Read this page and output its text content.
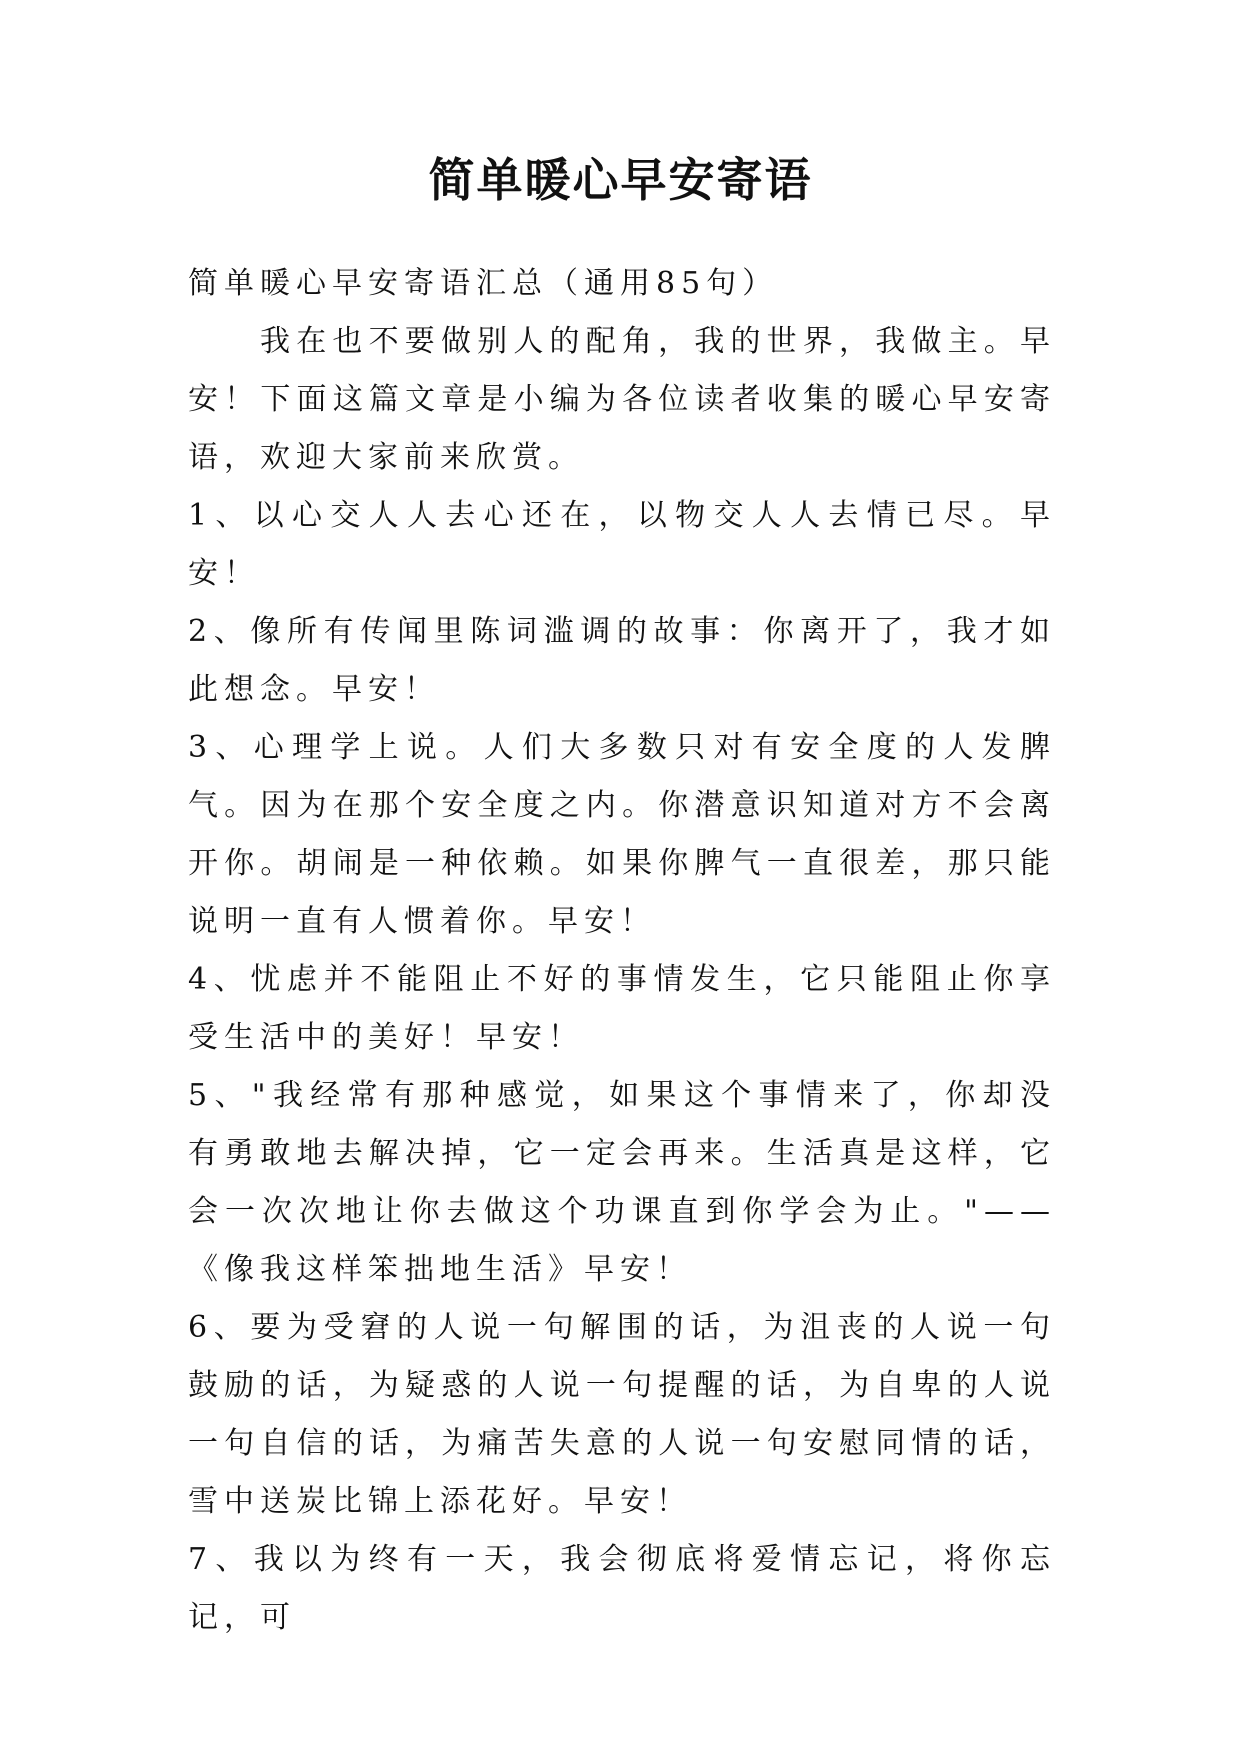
简单暖心早安寄语

简单暖心早安寄语汇总（通用85句）

我在也不要做别人的配角，我的世界，我做主。早安！下面这篇文章是小编为各位读者收集的暖心早安寄语，欢迎大家前来欣赏。

1、以心交人人去心还在，以物交人人去情已尽。早安！

2、像所有传闻里陈词滥调的故事：你离开了，我才如此想念。早安！

3、心理学上说。人们大多数只对有安全度的人发脾气。因为在那个安全度之内。你潜意识知道对方不会离开你。胡闹是一种依赖。如果你脾气一直很差，那只能说明一直有人惯着你。早安！

4、忧虑并不能阻止不好的事情发生，它只能阻止你享受生活中的美好！早安！

5、"我经常有那种感觉，如果这个事情来了，你却没有勇敢地去解决掉，它一定会再来。生活真是这样，它会一次次地让你去做这个功课直到你学会为止。"——《像我这样笨拙地生活》早安！

6、要为受窘的人说一句解围的话，为沮丧的人说一句鼓励的话，为疑惑的人说一句提醒的话，为自卑的人说一句自信的话，为痛苦失意的人说一句安慰同情的话，雪中送炭比锦上添花好。早安！

7、我以为终有一天，我会彻底将爱情忘记，将你忘记，可
